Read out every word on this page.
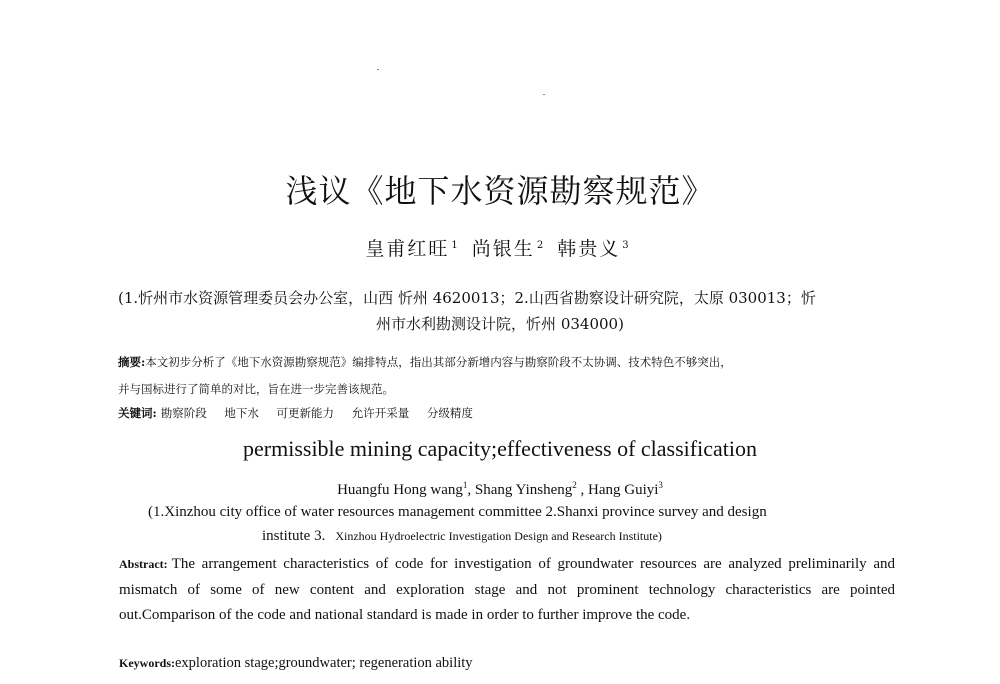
浅议《地下水资源勘察规范》
皇甫红旺 $^1$ 尚银生 $^2$ 韩贵义 $^3$
(1.忻州市水资源管理委员会办公室，山西 忻州 4620013；2.山西省勘察设计研究院，太原 030013；忻
州市水利勘测设计院，忻州 034000)
摘要:本文初步分析了《地下水资源勘察规范》编排特点，指出其部分新增内容与勘察阶段不太协调、技术特色不够突出，
并与国标进行了简单的对比，旨在进一步完善该规范。
关键词: 勘察阶段 地下水 可更新能力 允许开采量 分级精度
permissible mining capacity;effectiveness of classification
Huangfu Hong wang$^1$, Shang Yinsheng$^2$ , Hang Guiyi$^3$
(1.Xinzhou city office of water resources management committee 2.Shanxi province survey and design
institute 3. Xinzhou Hydroelectric Investigation Design and Research Institute)
Abstract: The arrangement characteristics of code for investigation of groundwater resources are analyzed preliminarily and mismatch of some of new content and exploration stage and not prominent technology characteristics are pointed out.Comparison of the code and national standard is made in order to further improve the code.
Keywords:exploration stage;groundwater; regeneration ability
